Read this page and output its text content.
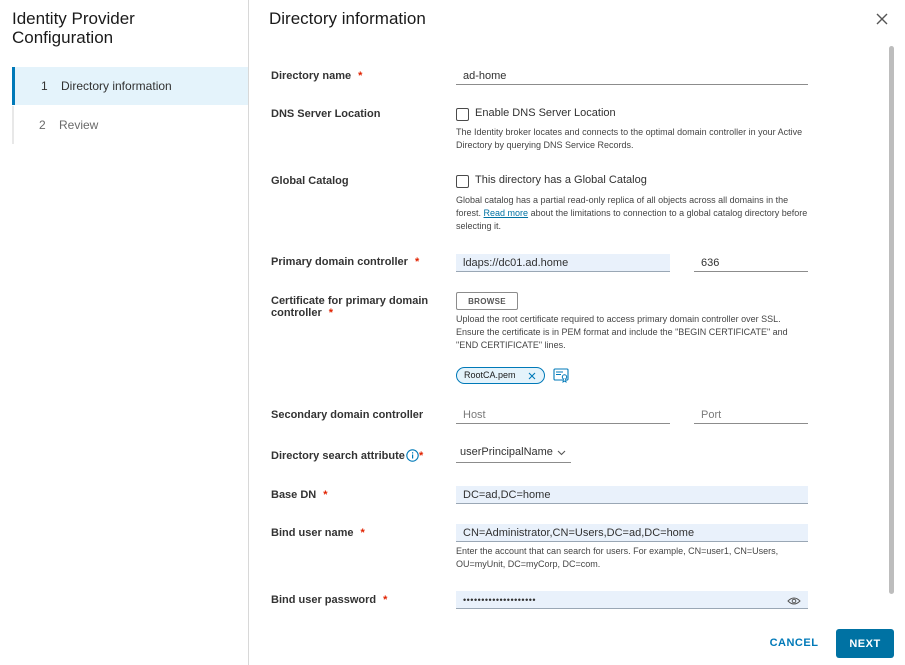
Identity Provider Configuration
1	Directory information
2	Review
Directory information
Directory name *
ad-home
DNS Server Location	Enable DNS Server Location
The Identity broker locates and connects to the optimal domain controller in your Active Directory by querying DNS Service Records.
Global Catalog	This directory has a Global Catalog
Global catalog has a partial read-only replica of all objects across all domains in the forest. Read more about the limitations to connection to a global catalog directory before selecting it.
Primary domain controller *
ldaps://dc01.ad.home
636
Certificate for primary domain controller *
BROWSE
Upload the root certificate required to access primary domain controller over SSL. Ensure the certificate is in PEM format and include the "BEGIN CERTIFICATE" and "END CERTIFICATE" lines.
RootCA.pem
Secondary domain controller
Host
Port
Directory search attribute *	userPrincipalName
Base DN *
DC=ad,DC=home
Bind user name *
CN=Administrator,CN=Users,DC=ad,DC=home
Enter the account that can search for users. For example, CN=user1, CN=Users, OU=myUnit, DC=myCorp, DC=com.
Bind user password *
••••••••••••••••••••
CANCEL	NEXT
